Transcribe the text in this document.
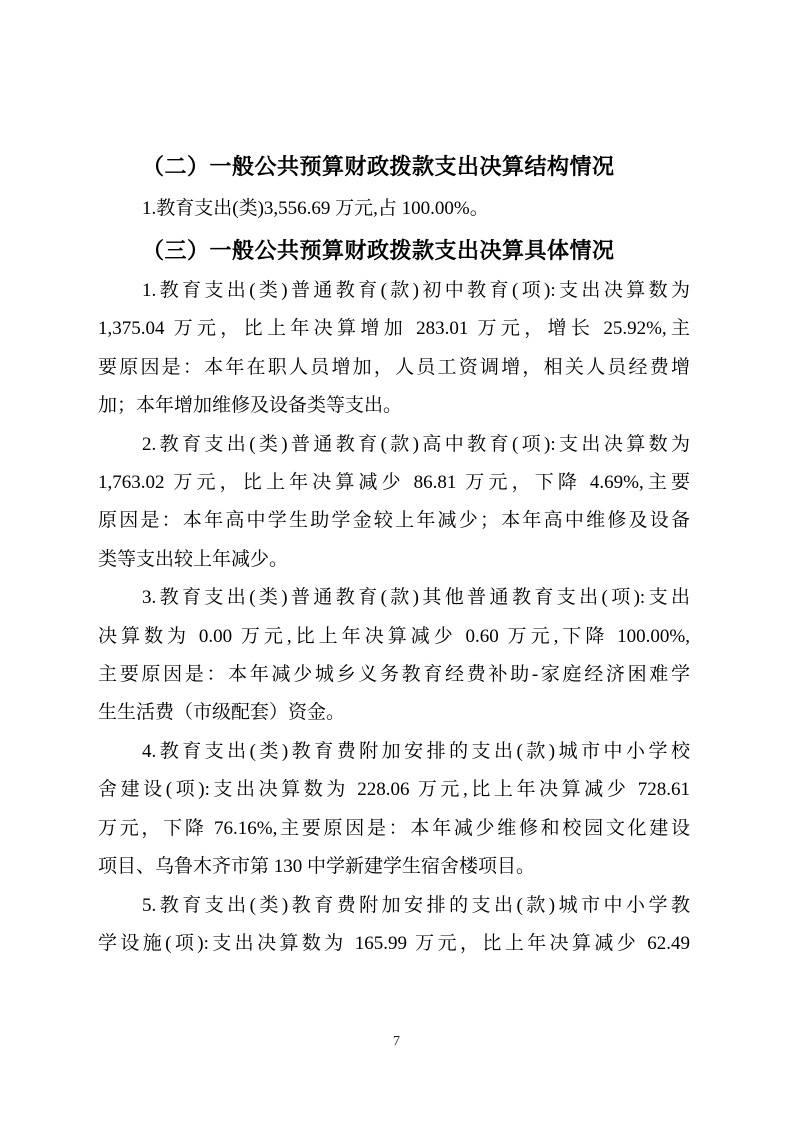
（二）一般公共预算财政拨款支出决算结构情况
1.教育支出(类)3,556.69 万元,占 100.00%。
（三）一般公共预算财政拨款支出决算具体情况
1.教育支出(类)普通教育(款)初中教育(项):支出决算数为
1,375.04 万元，比上年决算增加 283.01 万元，增长 25.92%,主
要原因是：本年在职人员增加，人员工资调增，相关人员经费增
加；本年增加维修及设备类等支出。
2.教育支出(类)普通教育(款)高中教育(项):支出决算数为
1,763.02 万元，比上年决算减少 86.81 万元，下降 4.69%,主要
原因是：本年高中学生助学金较上年减少；本年高中维修及设备
类等支出较上年减少。
3.教育支出(类)普通教育(款)其他普通教育支出(项):支出
决算数为 0.00 万元,比上年决算减少 0.60 万元,下降 100.00%,
主要原因是：本年减少城乡义务教育经费补助-家庭经济困难学
生生活费（市级配套）资金。
4.教育支出(类)教育费附加安排的支出(款)城市中小学校
舍建设(项):支出决算数为 228.06 万元,比上年决算减少 728.61
万元，下降 76.16%,主要原因是：本年减少维修和校园文化建设
项目、乌鲁木齐市第 130 中学新建学生宿舍楼项目。
5.教育支出(类)教育费附加安排的支出(款)城市中小学教
学设施(项):支出决算数为 165.99 万元，比上年决算减少 62.49
7
